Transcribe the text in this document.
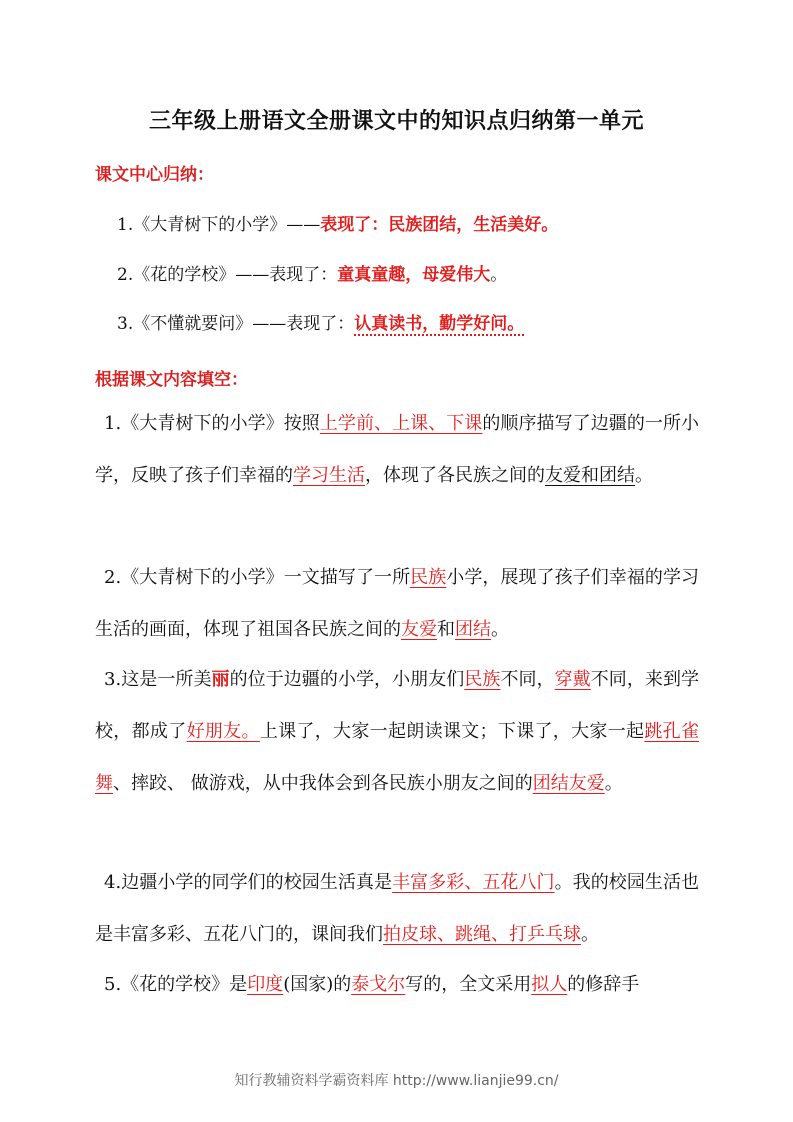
三年级上册语文全册课文中的知识点归纳第一单元
课文中心归纳：
1.《大青树下的小学》——表现了：民族团结，生活美好。
2.《花的学校》——表现了：童真童趣，母爱伟大。
3.《不懂就要问》——表现了：认真读书，勤学好问。
根据课文内容填空：
1.《大青树下的小学》按照上学前、上课、下课的顺序描写了边疆的一所小学，反映了孩子们幸福的学习生活，体现了各民族之间的友爱和团结。
2.《大青树下的小学》一文描写了一所民族小学，展现了孩子们幸福的学习生活的画面，体现了祖国各民族之间的友爱和团结。
3.这是一所美丽的位于边疆的小学，小朋友们民族不同，穿戴不同，来到学校，都成了好朋友。上课了，大家一起朗读课文；下课了，大家一起跳孔雀舞、摔跤、 做游戏，从中我体会到各民族小朋友之间的团结友爱。
4.边疆小学的同学们的校园生活真是丰富多彩、五花八门。我的校园生活也是丰富多彩、五花八门的，课间我们拍皮球、跳绳、打乒乓球。
5.《花的学校》是印度(国家)的泰戈尔写的，全文采用拟人的修辞手
知行教辅资料学霸资料库 http://www.lianjie99.cn/
